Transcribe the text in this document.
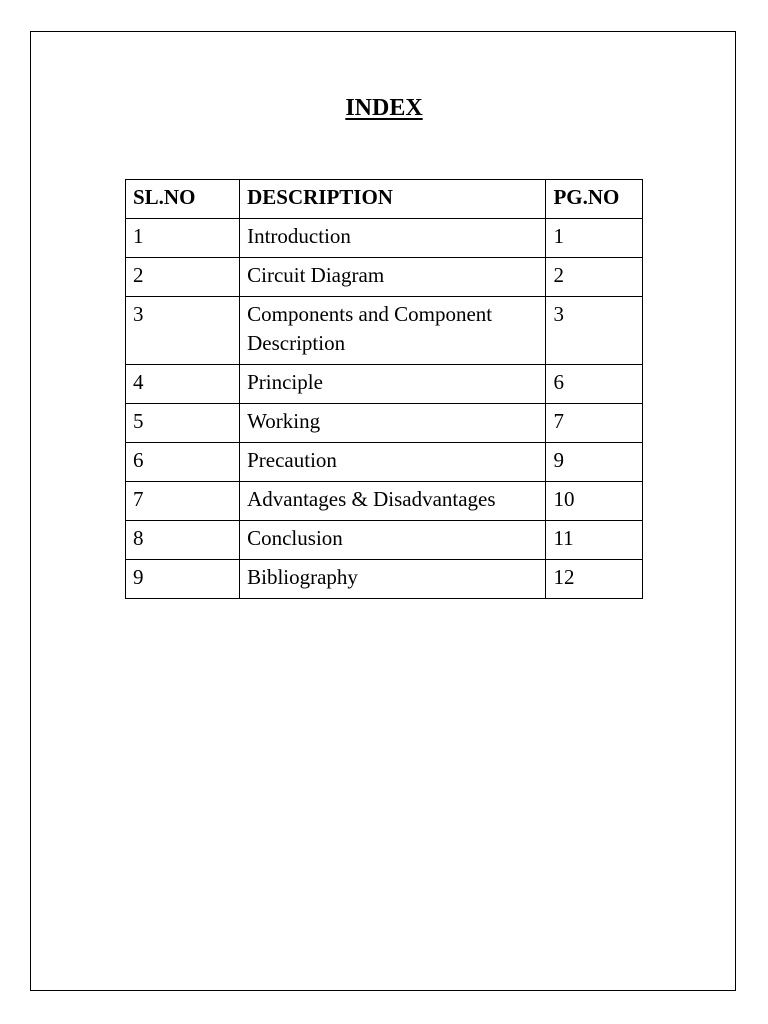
INDEX
SL.NO	DESCRIPTION	PG.NO
1	Introduction	1
2	Circuit Diagram	2
3	Components and Component Description	3
4	Principle	6
5	Working	7
6	Precaution	9
7	Advantages & Disadvantages	10
8	Conclusion	11
9	Bibliography	12
